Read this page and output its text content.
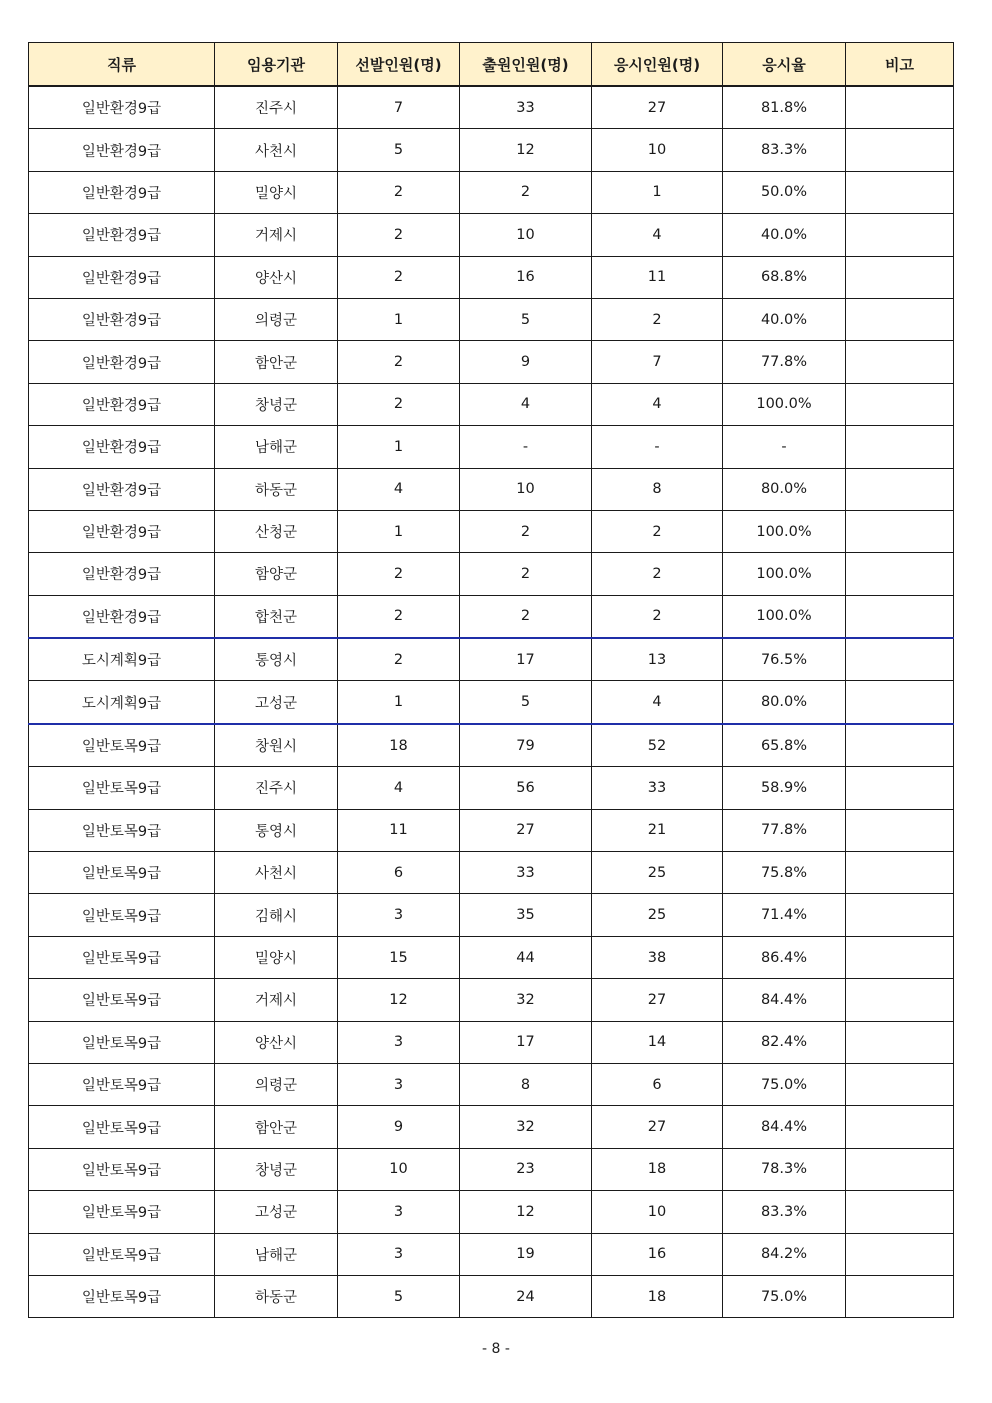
직류	임용기관	선발인원(명)	출원인원(명)	응시인원(명)	응시율	비고
일반환경9급	진주시	7	33	27	81.8%	
일반환경9급	사천시	5	12	10	83.3%	
일반환경9급	밀양시	2	2	1	50.0%	
일반환경9급	거제시	2	10	4	40.0%	
일반환경9급	양산시	2	16	11	68.8%	
일반환경9급	의령군	1	5	2	40.0%	
일반환경9급	함안군	2	9	7	77.8%	
일반환경9급	창녕군	2	4	4	100.0%	
일반환경9급	남해군	1	-	-	-	
일반환경9급	하동군	4	10	8	80.0%	
일반환경9급	산청군	1	2	2	100.0%	
일반환경9급	함양군	2	2	2	100.0%	
일반환경9급	합천군	2	2	2	100.0%	
도시계획9급	통영시	2	17	13	76.5%	
도시계획9급	고성군	1	5	4	80.0%	
일반토목9급	창원시	18	79	52	65.8%	
일반토목9급	진주시	4	56	33	58.9%	
일반토목9급	통영시	11	27	21	77.8%	
일반토목9급	사천시	6	33	25	75.8%	
일반토목9급	김해시	3	35	25	71.4%	
일반토목9급	밀양시	15	44	38	86.4%	
일반토목9급	거제시	12	32	27	84.4%	
일반토목9급	양산시	3	17	14	82.4%	
일반토목9급	의령군	3	8	6	75.0%	
일반토목9급	함안군	9	32	27	84.4%	
일반토목9급	창녕군	10	23	18	78.3%	
일반토목9급	고성군	3	12	10	83.3%	
일반토목9급	남해군	3	19	16	84.2%	
일반토목9급	하동군	5	24	18	75.0%	
- 8 -
